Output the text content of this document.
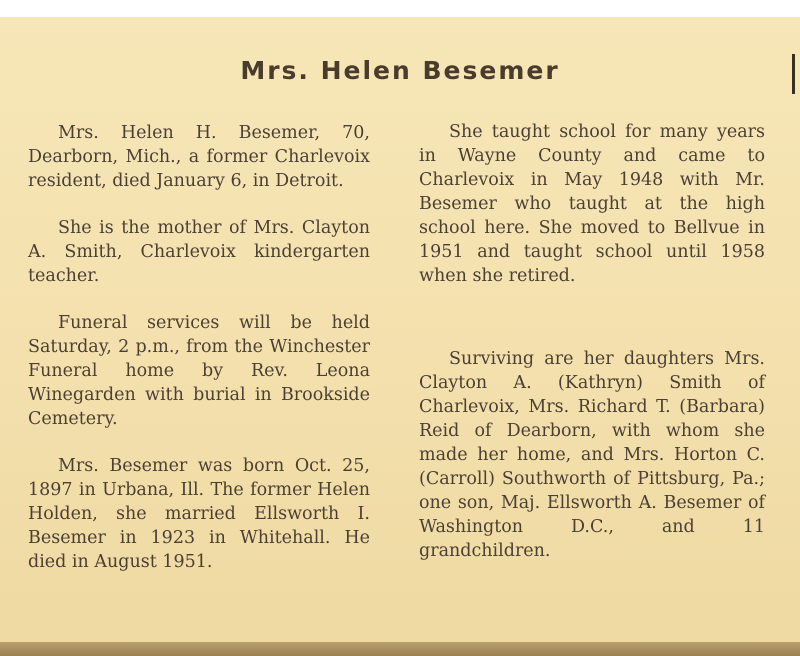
Mrs. Helen Besemer

Mrs. Helen H. Besemer, 70, Dearborn, Mich., a former Charlevoix resident, died January 6, in Detroit.

She is the mother of Mrs. Clayton A. Smith, Charlevoix kindergarten teacher.

Funeral services will be held Saturday, 2 p.m., from the Winchester Funeral home by Rev. Leona Winegarden with burial in Brookside Cemetery.

Mrs. Besemer was born Oct. 25, 1897 in Urbana, Ill. The former Helen Holden, she married Ellsworth I. Besemer in 1923 in Whitehall. He died in August 1951.

She taught school for many years in Wayne County and came to Charlevoix in May 1948 with Mr. Besemer who taught at the high school here. She moved to Bellvue in 1951 and taught school until 1958 when she retired.

Surviving are her daughters Mrs. Clayton A. (Kathryn) Smith of Charlevoix, Mrs. Richard T. (Barbara) Reid of Dearborn, with whom she made her home, and Mrs. Horton C. (Carroll) Southworth of Pittsburg, Pa.; one son, Maj. Ellsworth A. Besemer of Washington D.C., and 11 grandchildren.
